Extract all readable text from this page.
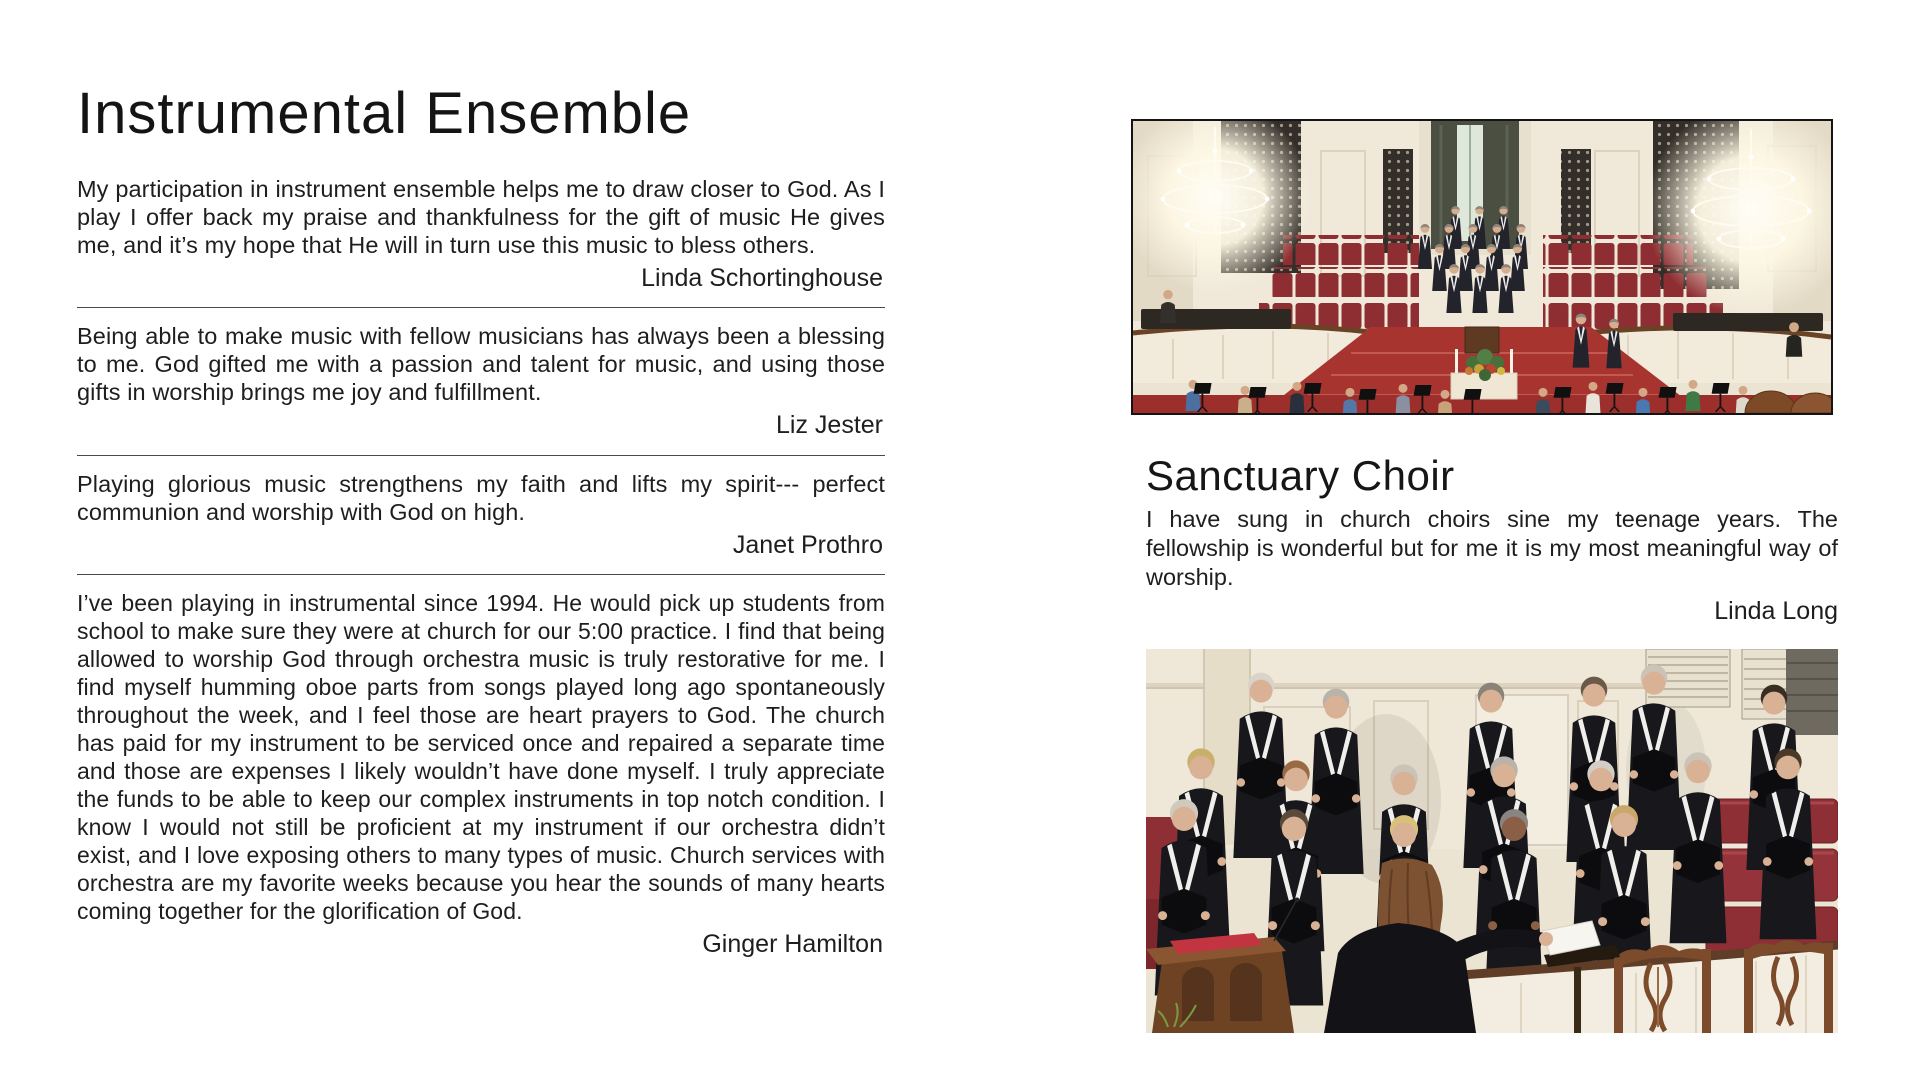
Instrumental Ensemble

My participation in instrument ensemble helps me to draw closer to God. As I play I offer back my praise and thankfulness for the gift of music He gives me, and it’s my hope that He will in turn use this music to bless others.

Linda Schortinghouse

Being able to make music with fellow musicians has always been a blessing to me. God gifted me with a passion and talent for music, and using those gifts in worship brings me joy and fulfillment.

Liz Jester

Playing glorious music strengthens my faith and lifts my spirit--- perfect communion and worship with God on high.

Janet Prothro

I’ve been playing in instrumental since 1994. He would pick up students from school to make sure they were at church for our 5:00 practice. I find that being allowed to worship God through orchestra music is truly restorative for me. I find myself humming oboe parts from songs played long ago spontaneously throughout the week, and I feel those are heart prayers to God. The church has paid for my instrument to be serviced once and repaired a separate time and those are expenses I likely wouldn’t have done myself. I truly appreciate the funds to be able to keep our complex instruments in top notch condition. I know I would not still be proficient at my instrument if our orchestra didn’t exist, and I love exposing others to many types of music. Church services with orchestra are my favorite weeks because you hear the sounds of many hearts coming together for the glorification of God.

Ginger Hamilton

Sanctuary Choir

I have sung in church choirs sine my teenage years. The fellowship is wonderful but for me it is my most meaningful way of worship.

Linda Long
